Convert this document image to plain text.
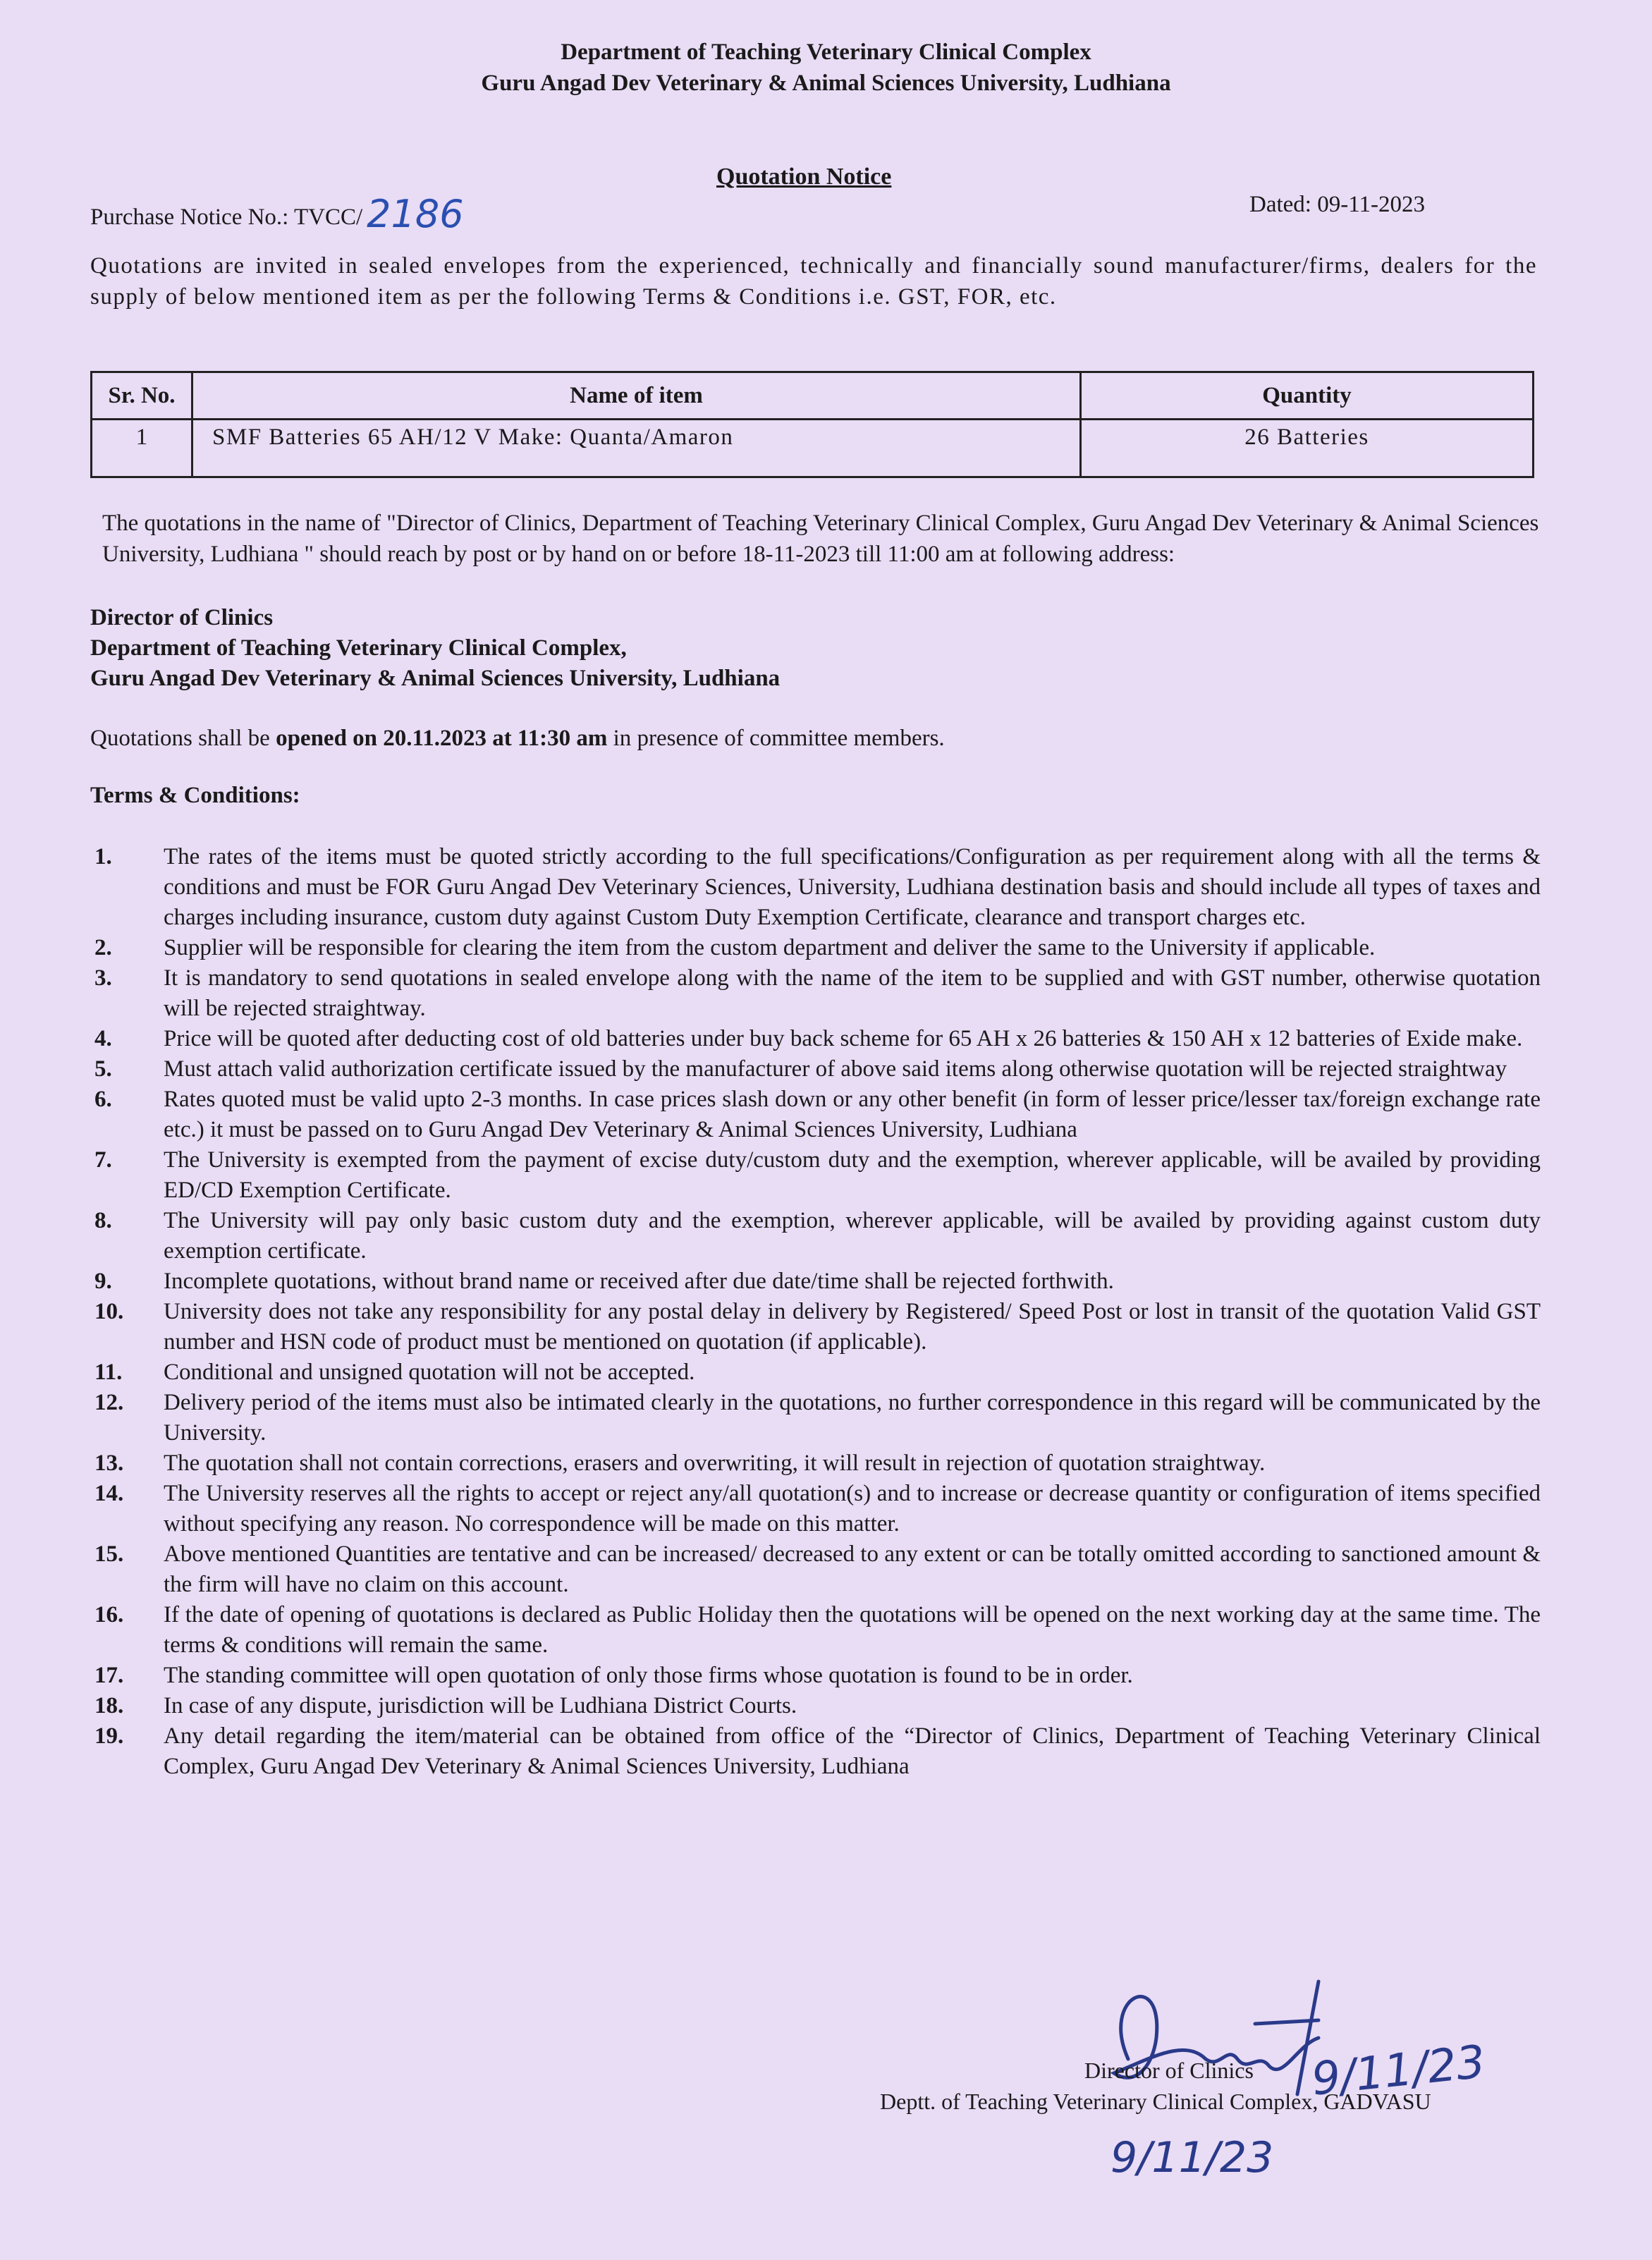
Department of Teaching Veterinary Clinical Complex
Guru Angad Dev Veterinary & Animal Sciences University, Ludhiana
Quotation Notice
Purchase Notice No.: TVCC/ 2186	Dated: 09-11-2023
Quotations are invited in sealed envelopes from the experienced, technically and financially sound manufacturer/firms, dealers for the supply of below mentioned item as per the following Terms & Conditions i.e. GST, FOR, etc.
Sr. No.	Name of item	Quantity

1	SMF Batteries 65 AH/12 V Make: Quanta/Amaron	26 Batteries
The quotations in the name of "Director of Clinics, Department of Teaching Veterinary Clinical Complex, Guru Angad Dev Veterinary & Animal Sciences University, Ludhiana " should reach by post or by hand on or before 18-11-2023 till 11:00 am at following address:
Director of Clinics
Department of Teaching Veterinary Clinical Complex,
Guru Angad Dev Veterinary & Animal Sciences University, Ludhiana
Quotations shall be opened on 20.11.2023 at 11:30 am in presence of committee members.
Terms & Conditions:
1. The rates of the items must be quoted strictly according to the full specifications/Configuration as per requirement along with all the terms & conditions and must be FOR Guru Angad Dev Veterinary Sciences, University, Ludhiana destination basis and should include all types of taxes and charges including insurance, custom duty against Custom Duty Exemption Certificate, clearance and transport charges etc.
2. Supplier will be responsible for clearing the item from the custom department and deliver the same to the University if applicable.
3. It is mandatory to send quotations in sealed envelope along with the name of the item to be supplied and with GST number, otherwise quotation will be rejected straightway.
4. Price will be quoted after deducting cost of old batteries under buy back scheme for 65 AH x 26 batteries & 150 AH x 12 batteries of Exide make.
5. Must attach valid authorization certificate issued by the manufacturer of above said items along otherwise quotation will be rejected straightway
6. Rates quoted must be valid upto 2-3 months. In case prices slash down or any other benefit (in form of lesser price/lesser tax/foreign exchange rate etc.) it must be passed on to Guru Angad Dev Veterinary & Animal Sciences University, Ludhiana
7. The University is exempted from the payment of excise duty/custom duty and the exemption, wherever applicable, will be availed by providing ED/CD Exemption Certificate.
8. The University will pay only basic custom duty and the exemption, wherever applicable, will be availed by providing against custom duty exemption certificate.
9. Incomplete quotations, without brand name or received after due date/time shall be rejected forthwith.
10. University does not take any responsibility for any postal delay in delivery by Registered/ Speed Post or lost in transit of the quotation Valid GST number and HSN code of product must be mentioned on quotation (if applicable).
11. Conditional and unsigned quotation will not be accepted.
12. Delivery period of the items must also be intimated clearly in the quotations, no further correspondence in this regard will be communicated by the University.
13. The quotation shall not contain corrections, erasers and overwriting, it will result in rejection of quotation straightway.
14. The University reserves all the rights to accept or reject any/all quotation(s) and to increase or decrease quantity or configuration of items specified without specifying any reason. No correspondence will be made on this matter.
15. Above mentioned Quantities are tentative and can be increased/ decreased to any extent or can be totally omitted according to sanctioned amount & the firm will have no claim on this account.
16. If the date of opening of quotations is declared as Public Holiday then the quotations will be opened on the next working day at the same time. The terms & conditions will remain the same.
17. The standing committee will open quotation of only those firms whose quotation is found to be in order.
18. In case of any dispute, jurisdiction will be Ludhiana District Courts.
19. Any detail regarding the item/material can be obtained from office of the “Director of Clinics, Department of Teaching Veterinary Clinical Complex, Guru Angad Dev Veterinary & Animal Sciences University, Ludhiana
Director of Clinics
Deptt. of Teaching Veterinary Clinical Complex, GADVASU
9/11/23
9/11/23
